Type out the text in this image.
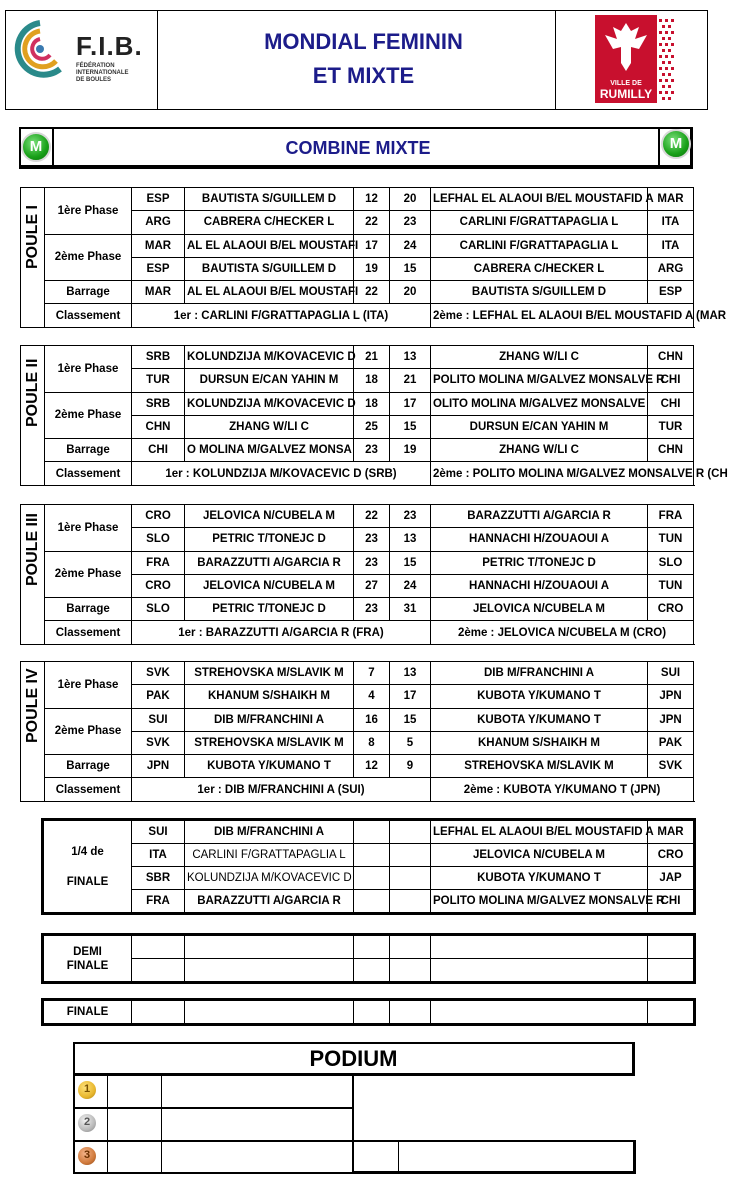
F.I.B.
FÉDÉRATION
INTERNATIONALE
DE BOULES
MONDIAL FEMININ
ET MIXTE	VILLE DE
RUMILLY
M	COMBINE MIXTE	M
POULE I	1ère Phase	ESP	BAUTISTA S/GUILLEM D	12	20	LEFHAL EL ALAOUI B/EL MOUSTAFID A	MAR
		ARG	CABRERA C/HECKER L	22	23	CARLINI F/GRATTAPAGLIA L	ITA
	2ème Phase	MAR	AL EL ALAOUI B/EL MOUSTAFI	17	24	CARLINI F/GRATTAPAGLIA L	ITA
		ESP	BAUTISTA S/GUILLEM D	19	15	CABRERA C/HECKER L	ARG
	Barrage	MAR	AL EL ALAOUI B/EL MOUSTAFI	22	20	BAUTISTA S/GUILLEM D	ESP
	Classement	1er : CARLINI F/GRATTAPAGLIA L (ITA)				2ème : LEFHAL EL ALAOUI B/EL MOUSTAFID A (MAR	
POULE II	1ère Phase	SRB	KOLUNDZIJA M/KOVACEVIC D	21	13	ZHANG W/LI C	CHN
		TUR	DURSUN E/CAN YAHIN M	18	21	POLITO MOLINA M/GALVEZ MONSALVE R	CHI
	2ème Phase	SRB	KOLUNDZIJA M/KOVACEVIC D	18	17	OLITO MOLINA M/GALVEZ MONSALVE	CHI
		CHN	ZHANG W/LI C	25	15	DURSUN E/CAN YAHIN M	TUR
	Barrage	CHI	O MOLINA M/GALVEZ MONSA	23	19	ZHANG W/LI C	CHN
	Classement	1er : KOLUNDZIJA M/KOVACEVIC D (SRB)				2ème : POLITO MOLINA M/GALVEZ MONSALVE R (CH	
POULE III	1ère Phase	CRO	JELOVICA N/CUBELA M	22	23	BARAZZUTTI A/GARCIA R	FRA
		SLO	PETRIC T/TONEJC D	23	13	HANNACHI H/ZOUAOUI A	TUN
	2ème Phase	FRA	BARAZZUTTI A/GARCIA R	23	15	PETRIC T/TONEJC D	SLO
		CRO	JELOVICA N/CUBELA M	27	24	HANNACHI H/ZOUAOUI A	TUN
	Barrage	SLO	PETRIC T/TONEJC D	23	31	JELOVICA N/CUBELA M	CRO
	Classement	1er : BARAZZUTTI A/GARCIA R (FRA)				2ème : JELOVICA N/CUBELA M (CRO)	
POULE IV	1ère Phase	SVK	STREHOVSKA M/SLAVIK M	7	13	DIB M/FRANCHINI A	SUI
		PAK	KHANUM S/SHAIKH M	4	17	KUBOTA Y/KUMANO T	JPN
	2ème Phase	SUI	DIB M/FRANCHINI A	16	15	KUBOTA Y/KUMANO T	JPN
		SVK	STREHOVSKA M/SLAVIK M	8	5	KHANUM S/SHAIKH M	PAK
	Barrage	JPN	KUBOTA Y/KUMANO T	12	9	STREHOVSKA M/SLAVIK M	SVK
	Classement	1er : DIB M/FRANCHINI A (SUI)				2ème : KUBOTA Y/KUMANO T (JPN)	
1/4 de
FINALE	SUI	DIB M/FRANCHINI A			LEFHAL EL ALAOUI B/EL MOUSTAFID A	MAR
	ITA	CARLINI F/GRATTAPAGLIA L			JELOVICA N/CUBELA M	CRO
	SBR	KOLUNDZIJA M/KOVACEVIC D			KUBOTA Y/KUMANO T	JAP
	FRA	BARAZZUTTI A/GARCIA R			POLITO MOLINA M/GALVEZ MONSALVE R	CHI
DEMI
FINALE						

FINALE						
PODIUM
1
2
3
